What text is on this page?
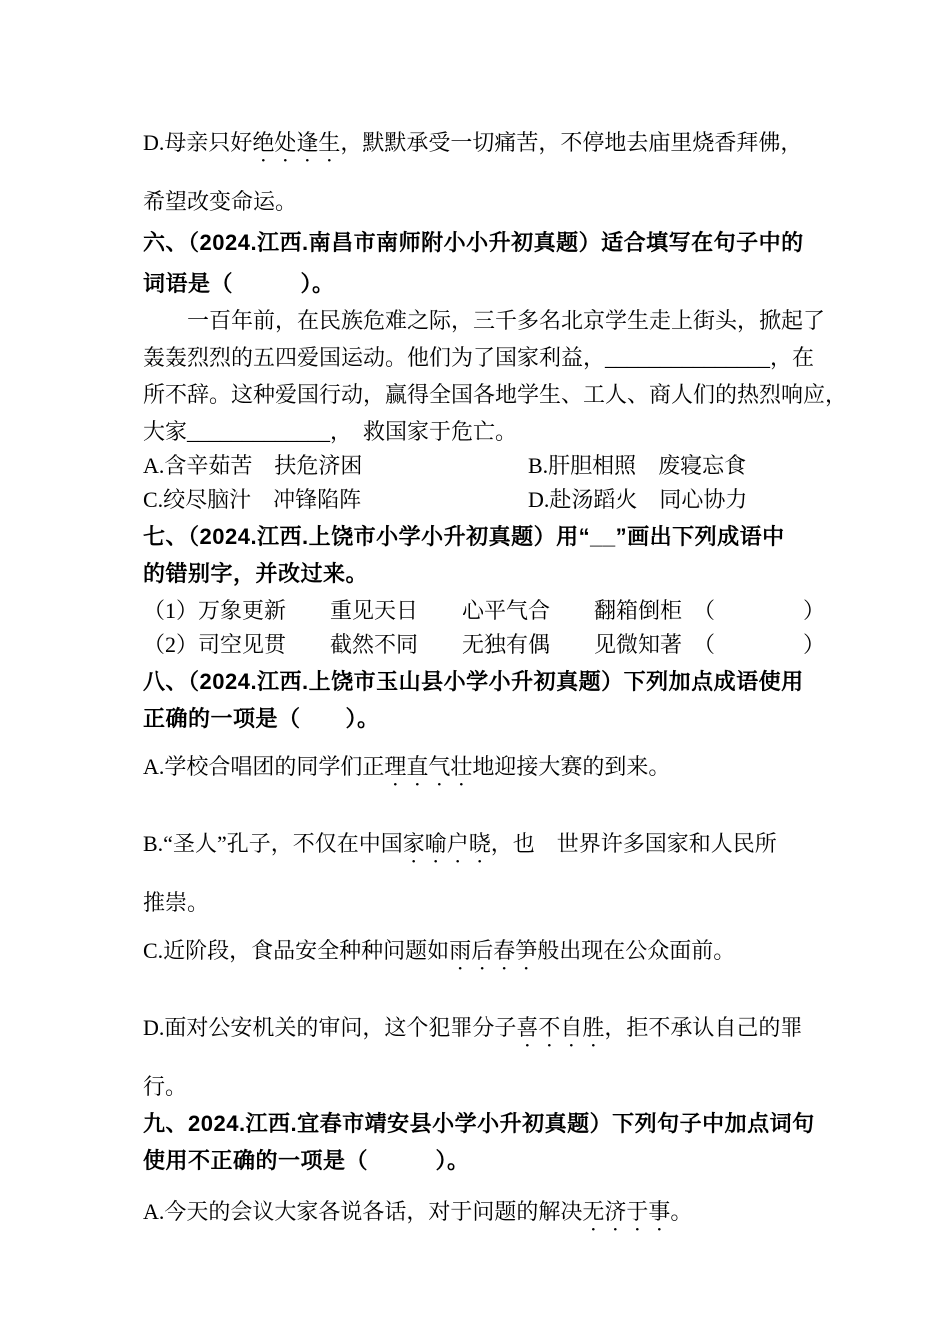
D.母亲只好绝处逢生，默默承受一切痛苦，不停地去庙里烧香拜佛，

希望改变命运。

六、（2024.江西.南昌市南师附小小升初真题）适合填写在句子中的

词语是（　　　）。

　　一百年前，在民族危难之际，三千多名北京学生走上街头，掀起了

轰轰烈烈的五四爱国运动。他们为了国家利益，_______________，在

所不辞。这种爱国行动，赢得全国各地学生、工人、商人们的热烈响应，

大家_____________，　救国家于危亡。

A.含辛茹苦　扶危济困	B.肝胆相照　废寝忘食

C.绞尽脑汁　冲锋陷阵	D.赴汤蹈火　同心协力

七、（2024.江西.上饶市小学小升初真题）用“__”画出下列成语中

的错别字，并改过来。

（1）万象更新　　重见天日　　心平气合　　翻箱倒柜　（　　　　）

（2）司空见贯　　截然不同　　无独有偶　　见微知著　（　　　　）

八、（2024.江西.上饶市玉山县小学小升初真题）下列加点成语使用

正确的一项是（　　）。

A.学校合唱团的同学们正理直气壮地迎接大赛的到来。

B.“圣人”孔子，不仅在中国家喻户晓，也　世界许多国家和人民所

推崇。

C.近阶段，食品安全种种问题如雨后春笋般出现在公众面前。

D.面对公安机关的审问，这个犯罪分子喜不自胜，拒不承认自己的罪

行。

九、2024.江西.宜春市靖安县小学小升初真题）下列句子中加点词句

使用不正确的一项是（　　　）。

A.今天的会议大家各说各话，对于问题的解决无济于事。
